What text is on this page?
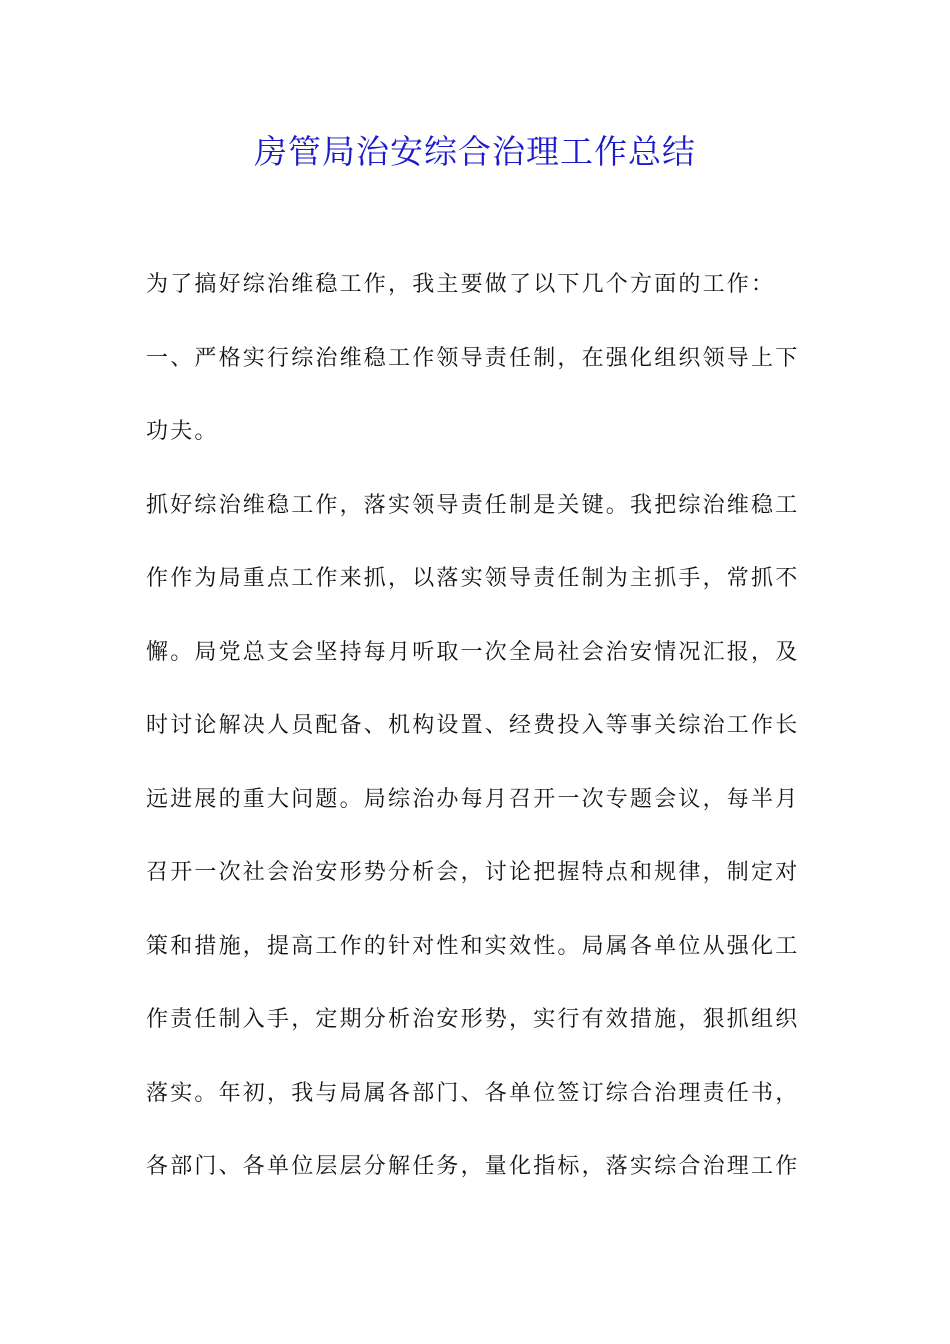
房管局治安综合治理工作总结
为了搞好综治维稳工作，我主要做了以下几个方面的工作：
一、严格实行综治维稳工作领导责任制，在强化组织领导上下
功夫。
抓好综治维稳工作，落实领导责任制是关键。我把综治维稳工
作作为局重点工作来抓，以落实领导责任制为主抓手，常抓不
懈。局党总支会坚持每月听取一次全局社会治安情况汇报，及
时讨论解决人员配备、机构设置、经费投入等事关综治工作长
远进展的重大问题。局综治办每月召开一次专题会议，每半月
召开一次社会治安形势分析会，讨论把握特点和规律，制定对
策和措施，提高工作的针对性和实效性。局属各单位从强化工
作责任制入手，定期分析治安形势，实行有效措施，狠抓组织
落实。年初，我与局属各部门、各单位签订综合治理责任书，
各部门、各单位层层分解任务，量化指标，落实综合治理工作
